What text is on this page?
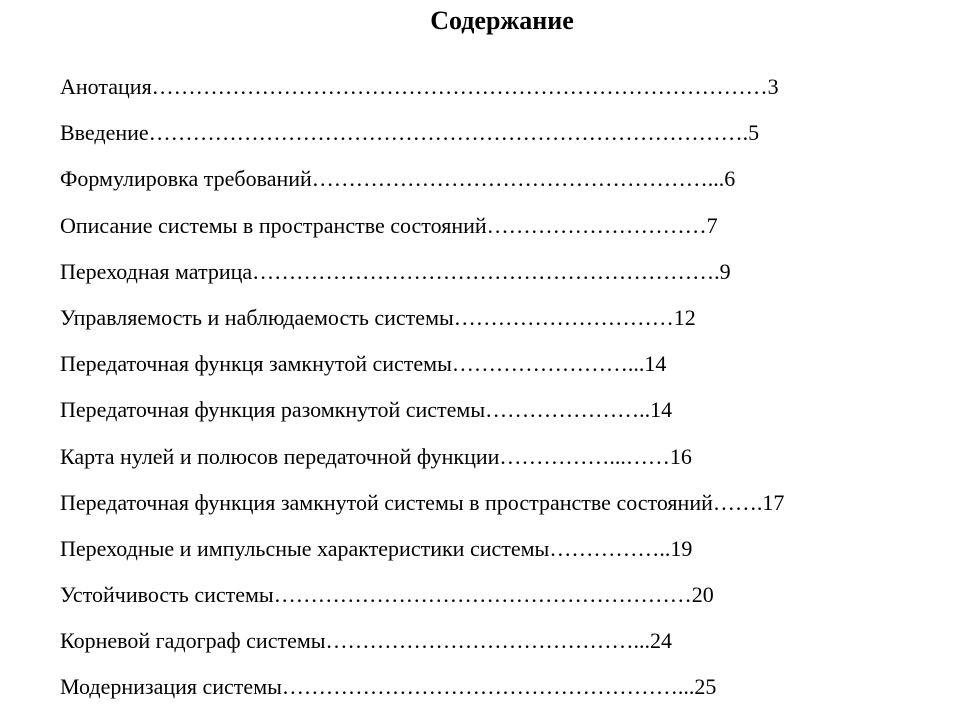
Содержание
Анотация…………………………………………………………………………3
Введение……………………………………………………………………….5
Формулировка требований………………………………………………...6
Описание системы в пространстве состояний…………………………7
Переходная матрица……………………………………………………….9
Управляемость и наблюдаемость системы…………………………12
Передаточная функця замкнутой системы……………………...14
Передаточная функция разомкнутой системы…………………..14
Карта нулей и полюсов передаточной функции……………...……16
Передаточная функция замкнутой системы в пространстве состояний…….17
Переходные и импульсные характеристики системы……………..19
Устойчивость системы…………………………………………………20
Корневой гадограф системы……………………………………...24
Модернизация системы………………………………………………...25
